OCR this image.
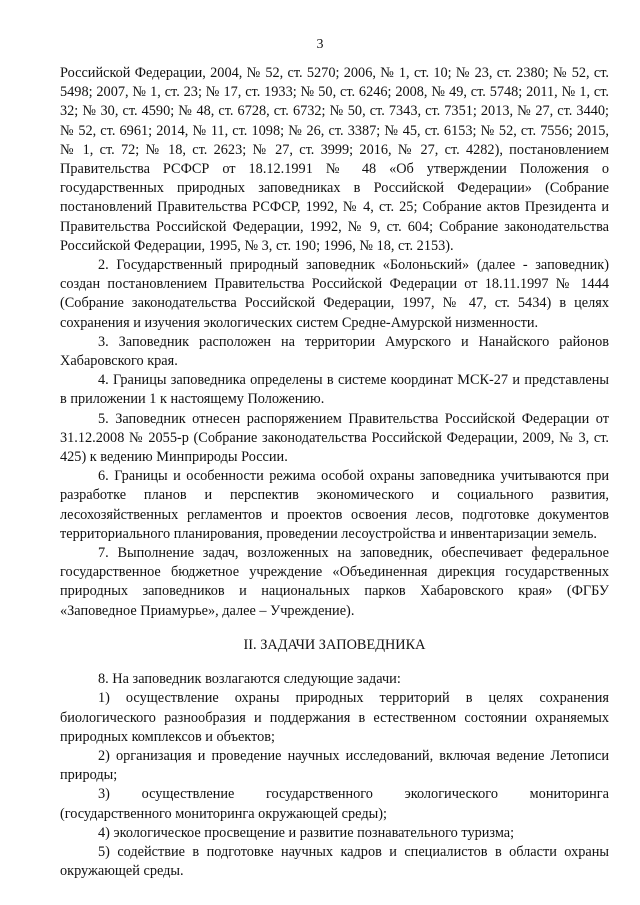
3

Российской Федерации, 2004, № 52, ст. 5270; 2006, № 1, ст. 10; № 23, ст. 2380; № 52, ст. 5498; 2007, № 1, ст. 23; № 17, ст. 1933; № 50, ст. 6246; 2008, № 49, ст. 5748; 2011, № 1, ст. 32; № 30, ст. 4590; № 48, ст. 6728, ст. 6732; № 50, ст. 7343, ст. 7351; 2013, № 27, ст. 3440; № 52, ст. 6961; 2014, № 11, ст. 1098; № 26, ст. 3387; № 45, ст. 6153; № 52, ст. 7556; 2015, № 1, ст. 72; № 18, ст. 2623; № 27, ст. 3999; 2016, № 27, ст. 4282), постановлением Правительства РСФСР от 18.12.1991 № 48 «Об утверждении Положения о государственных природных заповедниках в Российской Федерации» (Собрание постановлений Правительства РСФСР, 1992, № 4, ст. 25; Собрание актов Президента и Правительства Российской Федерации, 1992, № 9, ст. 604; Собрание законодательства Российской Федерации, 1995, № 3, ст. 190; 1996, № 18, ст. 2153).

2. Государственный природный заповедник «Болоньский» (далее - заповедник) создан постановлением Правительства Российской Федерации от 18.11.1997 № 1444 (Собрание законодательства Российской Федерации, 1997, № 47, ст. 5434) в целях сохранения и изучения экологических систем Средне-Амурской низменности.

3. Заповедник расположен на территории Амурского и Нанайского районов Хабаровского края.

4. Границы заповедника определены в системе координат МСК-27 и представлены в приложении 1 к настоящему Положению.

5. Заповедник отнесен распоряжением Правительства Российской Федерации от 31.12.2008 № 2055-р (Собрание законодательства Российской Федерации, 2009, № 3, ст. 425) к ведению Минприроды России.

6. Границы и особенности режима особой охраны заповедника учитываются при разработке планов и перспектив экономического и социального развития, лесохозяйственных регламентов и проектов освоения лесов, подготовке документов территориального планирования, проведении лесоустройства и инвентаризации земель.

7. Выполнение задач, возложенных на заповедник, обеспечивает федеральное государственное бюджетное учреждение «Объединенная дирекция государственных природных заповедников и национальных парков Хабаровского края» (ФГБУ «Заповедное Приамурье», далее – Учреждение).

II. ЗАДАЧИ ЗАПОВЕДНИКА

8. На заповедник возлагаются следующие задачи:

1) осуществление охраны природных территорий в целях сохранения биологического разнообразия и поддержания в естественном состоянии охраняемых природных комплексов и объектов;

2) организация и проведение научных исследований, включая ведение Летописи природы;

3) осуществление государственного экологического мониторинга (государственного мониторинга окружающей среды);

4) экологическое просвещение и развитие познавательного туризма;

5) содействие в подготовке научных кадров и специалистов в области охраны окружающей среды.
